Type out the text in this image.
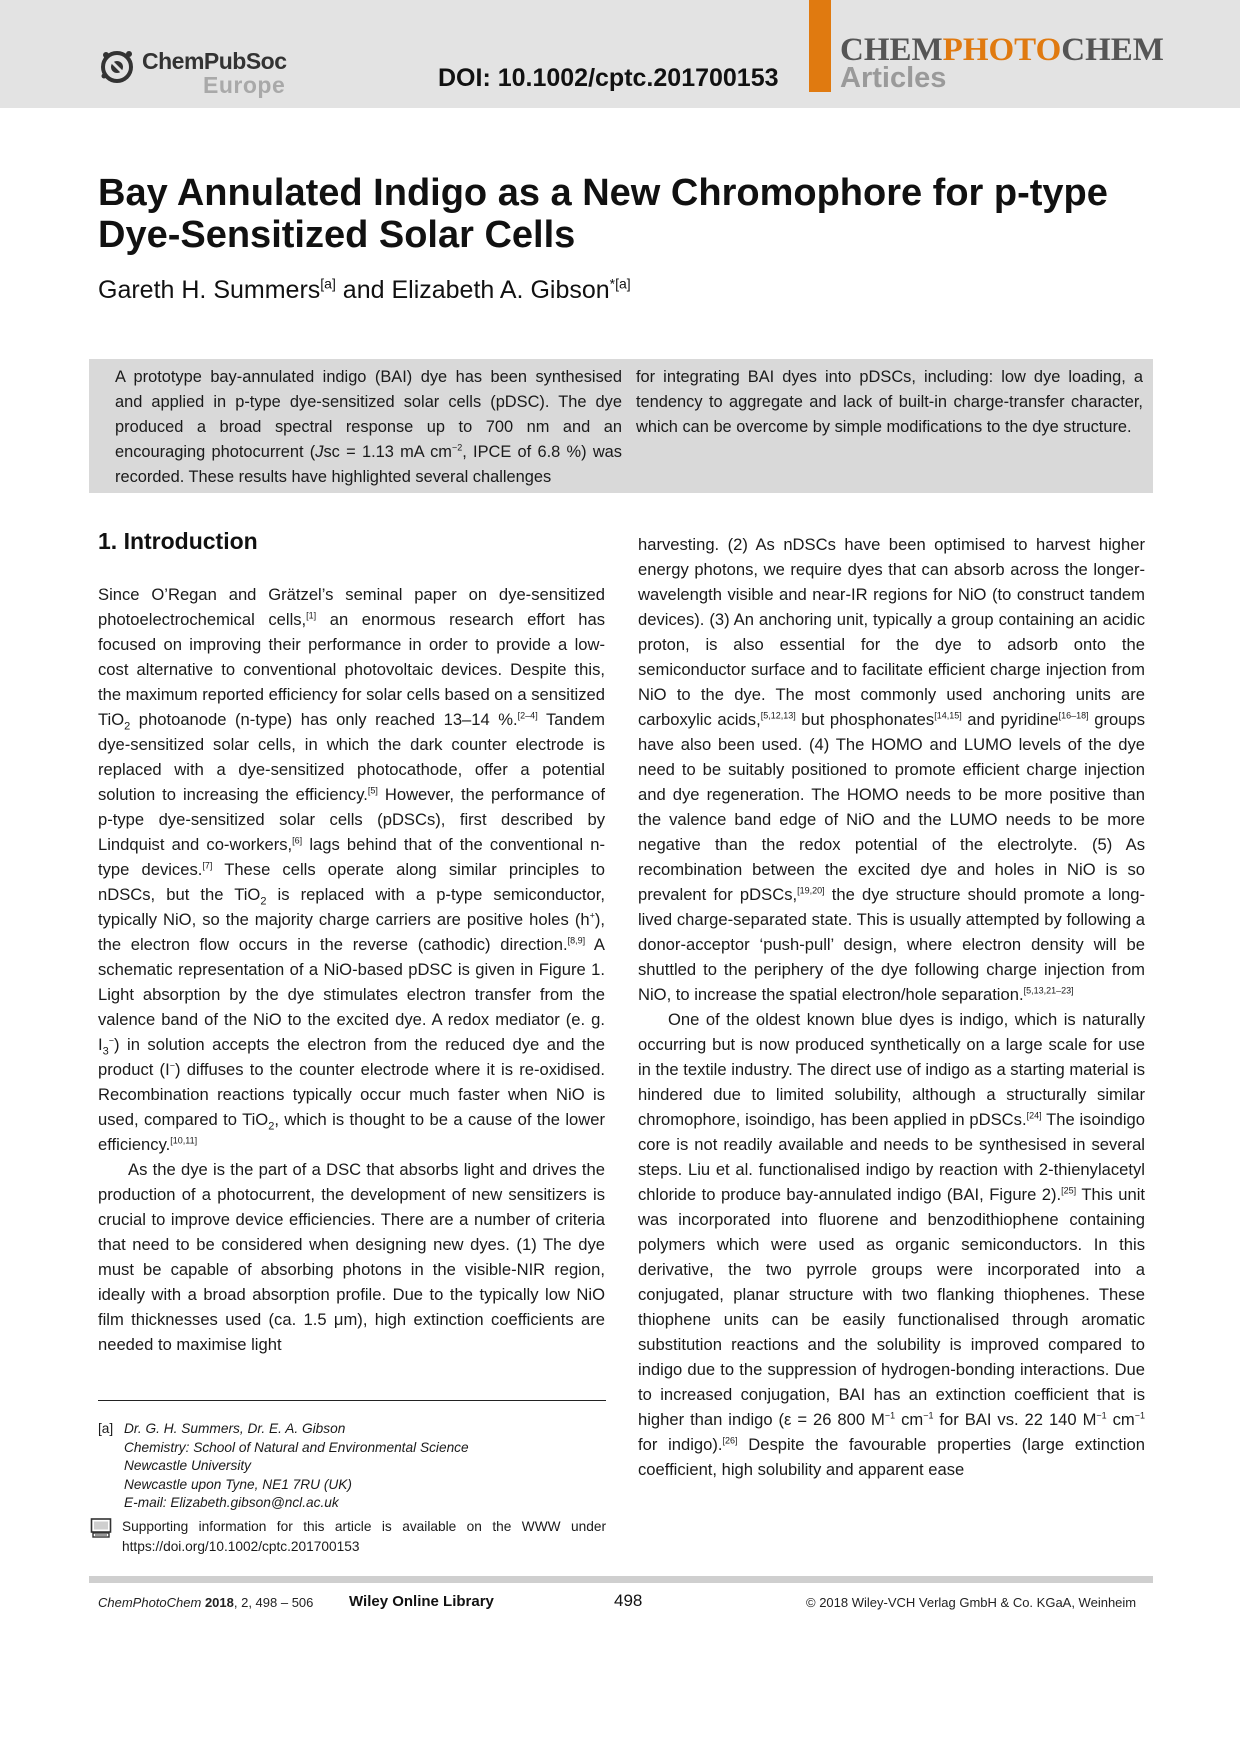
ChemPubSoc
Europe	DOI: 10.1002/cptc.201700153
CHEMPHOTOCHEM
Articles
Bay Annulated Indigo as a New Chromophore for p-type Dye-Sensitized Solar Cells
Gareth H. Summers[a] and Elizabeth A. Gibson$^{*[a]}$
A prototype bay-annulated indigo (BAI) dye has been synthesised and applied in p-type dye-sensitized solar cells (pDSC). The dye produced a broad spectral response up to 700 nm and an encouraging photocurrent (Jsc = 1.13 mA $cm^{-2}$, IPCE of 6.8 %) was recorded. These results have highlighted several challenges
for integrating BAI dyes into pDSCs, including: low dye loading, a tendency to aggregate and lack of built-in charge-transfer character, which can be overcome by simple modifications to the dye structure.
1. Introduction

Since O’Regan and Grätzel’s seminal paper on dye-sensitized photoelectrochemical cells,[1] an enormous research effort has focused on improving their performance in order to provide a low-cost alternative to conventional photovoltaic devices. Despite this, the maximum reported efficiency for solar cells based on a sensitized TiO$_2$ photoanode (n-type) has only reached 13–14 %.[2–4] Tandem dye-sensitized solar cells, in which the dark counter electrode is replaced with a dye-sensitized photocathode, offer a potential solution to increasing the efficiency.[5] However, the performance of p-type dye-sensitized solar cells (pDSCs), first described by Lindquist and co-workers,[6] lags behind that of the conventional n-type devices.[7] These cells operate along similar principles to nDSCs, but the TiO$_2$ is replaced with a p-type semiconductor, typically NiO, so the majority charge carriers are positive holes (h+), the electron flow occurs in the reverse (cathodic) direction.[8,9] A schematic representation of a NiO-based pDSC is given in Figure 1. Light absorption by the dye stimulates electron transfer from the valence band of the NiO to the excited dye. A redox mediator (e. g. $I_3^-$) in solution accepts the electron from the reduced dye and the product (I−) diffuses to the counter electrode where it is re-oxidised. Recombination reactions typically occur much faster when NiO is used, compared to TiO$_2$, which is thought to be a cause of the lower efficiency.[10,11]

As the dye is the part of a DSC that absorbs light and drives the production of a photocurrent, the development of new sensitizers is crucial to improve device efficiencies. There are a number of criteria that need to be considered when designing new dyes. (1) The dye must be capable of absorbing photons in the visible-NIR region, ideally with a broad absorption profile. Due to the typically low NiO film thicknesses used (ca. 1.5 μm), high extinction coefficients are needed to maximise light

harvesting. (2) As nDSCs have been optimised to harvest higher energy photons, we require dyes that can absorb across the longer-wavelength visible and near-IR regions for NiO (to construct tandem devices). (3) An anchoring unit, typically a group containing an acidic proton, is also essential for the dye to adsorb onto the semiconductor surface and to facilitate efficient charge injection from NiO to the dye. The most commonly used anchoring units are carboxylic acids,[5,12,13] but phosphonates[14,15] and pyridine[16–18] groups have also been used. (4) The HOMO and LUMO levels of the dye need to be suitably positioned to promote efficient charge injection and dye regeneration. The HOMO needs to be more positive than the valence band edge of NiO and the LUMO needs to be more negative than the redox potential of the electrolyte. (5) As recombination between the excited dye and holes in NiO is so prevalent for pDSCs,[19,20] the dye structure should promote a long-lived charge-separated state. This is usually attempted by following a donor-acceptor ‘push-pull’ design, where electron density will be shuttled to the periphery of the dye following charge injection from NiO, to increase the spatial electron/hole separation.[5,13,21–23]

One of the oldest known blue dyes is indigo, which is naturally occurring but is now produced synthetically on a large scale for use in the textile industry. The direct use of indigo as a starting material is hindered due to limited solubility, although a structurally similar chromophore, isoindigo, has been applied in pDSCs.[24] The isoindigo core is not readily available and needs to be synthesised in several steps. Liu et al. functionalised indigo by reaction with 2-thienylacetyl chloride to produce bay-annulated indigo (BAI, Figure 2).[25] This unit was incorporated into fluorene and benzodithiophene containing polymers which were used as organic semiconductors. In this derivative, the two pyrrole groups were incorporated into a conjugated, planar structure with two flanking thiophenes. These thiophene units can be easily functionalised through aromatic substitution reactions and the solubility is improved compared to indigo due to the suppression of hydrogen-bonding interactions. Due to increased conjugation, BAI has an extinction coefficient that is higher than indigo (ε = 26 800 $M^{-1}$ $cm^{-1}$ for BAI vs. 22 140 $M^{-1}$ $cm^{-1}$ for indigo).[26] Despite the favourable properties (large extinction coefficient, high solubility and apparent ease

[a] Dr. G. H. Summers, Dr. E. A. Gibson
Chemistry: School of Natural and Environmental Science
Newcastle University
Newcastle upon Tyne, NE1 7RU (UK)
E-mail: Elizabeth.gibson@ncl.ac.uk
Supporting information for this article is available on the WWW under https://doi.org/10.1002/cptc.201700153
ChemPhotoChem 2018, 2, 498 – 506 Wiley Online Library	498	© 2018 Wiley-VCH Verlag GmbH & Co. KGaA, Weinheim
